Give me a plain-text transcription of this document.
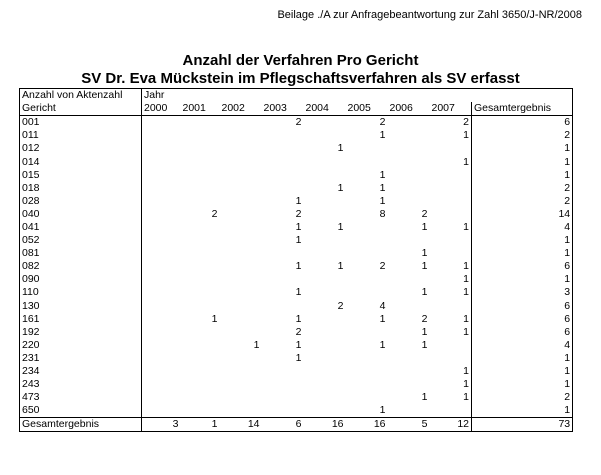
Beilage ./A zur Anfragebeantwortung zur Zahl 3650/J-NR/2008
Anzahl der Verfahren Pro Gericht
SV Dr. Eva Mückstein im Pflegschaftsverfahren als SV erfasst
Anzahl von Aktenzahl	Jahr								
Gericht	2000	2001	2002	2003	2004	2005	2006	2007	Gesamtergebnis
001				2		2		2	6
011						1		1	2
012					1				1
014								1	1
015						1			1
018					1	1			2
028				1		1			2
040		2		2		8	2		14
041				1	1		1	1	4
052				1					1
081							1		1
082				1	1	2	1	1	6
090								1	1
110				1			1	1	3
130					2	4			6
161		1		1		1	2	1	6
192				2			1	1	6
220			1	1		1	1		4
231				1					1
234								1	1
243								1	1
473							1	1	2
650						1			1
Gesamtergebnis	3	1	14	6	16	16	5	12	73
